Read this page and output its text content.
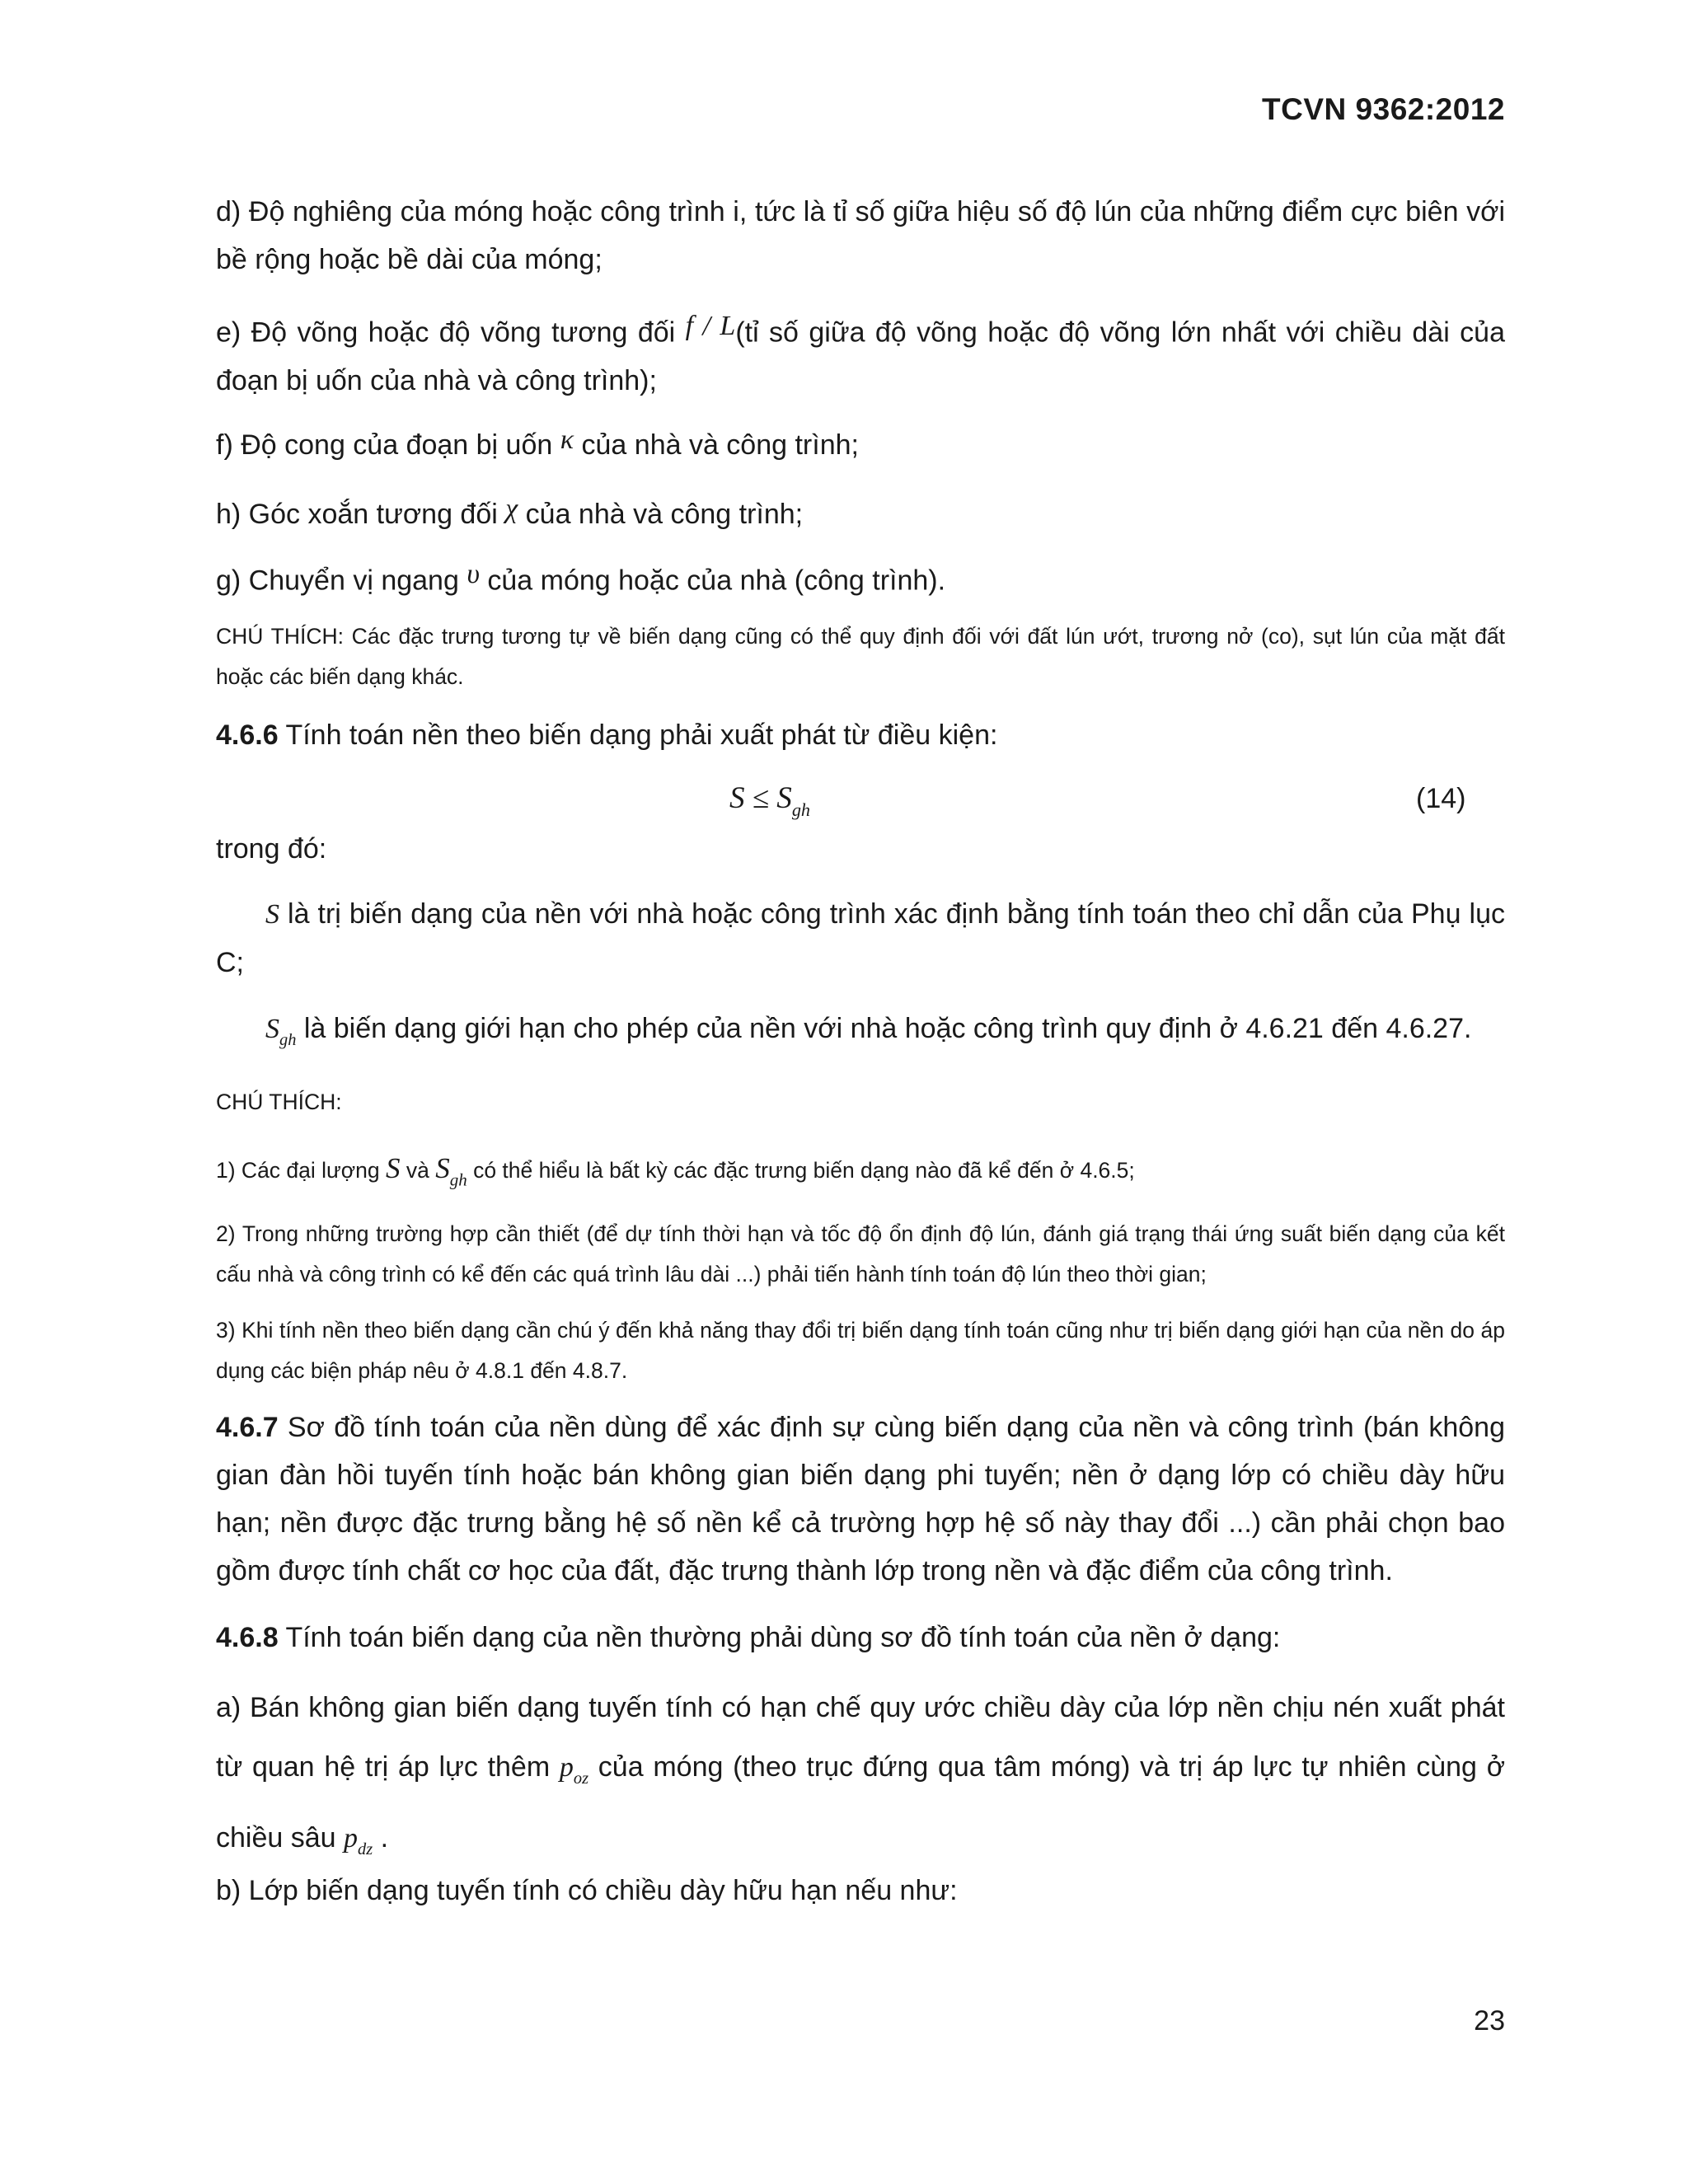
TCVN 9362:2012
d) Độ nghiêng của móng hoặc công trình i, tức là tỉ số giữa hiệu số độ lún của những điểm cực biên với bề rộng hoặc bề dài của móng;
e) Độ võng hoặc độ võng tương đối f / L(tỉ số giữa độ võng hoặc độ võng lớn nhất với chiều dài của đoạn bị uốn của nhà và công trình);
f) Độ cong của đoạn bị uốn κ của nhà và công trình;
h) Góc xoắn tương đối χ của nhà và công trình;
g) Chuyển vị ngang υ của móng hoặc của nhà (công trình).
CHÚ THÍCH: Các đặc trưng tương tự về biến dạng cũng có thể quy định đối với đất lún ướt, trương nở (co), sụt lún của mặt đất hoặc các biến dạng khác.
4.6.6 Tính toán nền theo biến dạng phải xuất phát từ điều kiện:
$S \le S_{gh}$	(14)
trong đó:
S là trị biến dạng của nền với nhà hoặc công trình xác định bằng tính toán theo chỉ dẫn của Phụ lục C;
$S_{gh}$ là biến dạng giới hạn cho phép của nền với nhà hoặc công trình quy định ở 4.6.21 đến 4.6.27.
CHÚ THÍCH:
1) Các đại lượng S và $S_{gh}$ có thể hiểu là bất kỳ các đặc trưng biến dạng nào đã kể đến ở 4.6.5;
2) Trong những trường hợp cần thiết (để dự tính thời hạn và tốc độ ổn định độ lún, đánh giá trạng thái ứng suất biến dạng của kết cấu nhà và công trình có kể đến các quá trình lâu dài ...) phải tiến hành tính toán độ lún theo thời gian;
3) Khi tính nền theo biến dạng cần chú ý đến khả năng thay đổi trị biến dạng tính toán cũng như trị biến dạng giới hạn của nền do áp dụng các biện pháp nêu ở 4.8.1 đến 4.8.7.
4.6.7 Sơ đồ tính toán của nền dùng để xác định sự cùng biến dạng của nền và công trình (bán không gian đàn hồi tuyến tính hoặc bán không gian biến dạng phi tuyến; nền ở dạng lớp có chiều dày hữu hạn; nền được đặc trưng bằng hệ số nền kể cả trường hợp hệ số này thay đổi ...) cần phải chọn bao gồm được tính chất cơ học của đất, đặc trưng thành lớp trong nền và đặc điểm của công trình.
4.6.8 Tính toán biến dạng của nền thường phải dùng sơ đồ tính toán của nền ở dạng:
a) Bán không gian biến dạng tuyến tính có hạn chế quy ước chiều dày của lớp nền chịu nén xuất phát từ quan hệ trị áp lực thêm $p_{oz}$ của móng (theo trục đứng qua tâm móng) và trị áp lực tự nhiên cùng ở chiều sâu $p_{dz}$ .
b) Lớp biến dạng tuyến tính có chiều dày hữu hạn nếu như:
23
